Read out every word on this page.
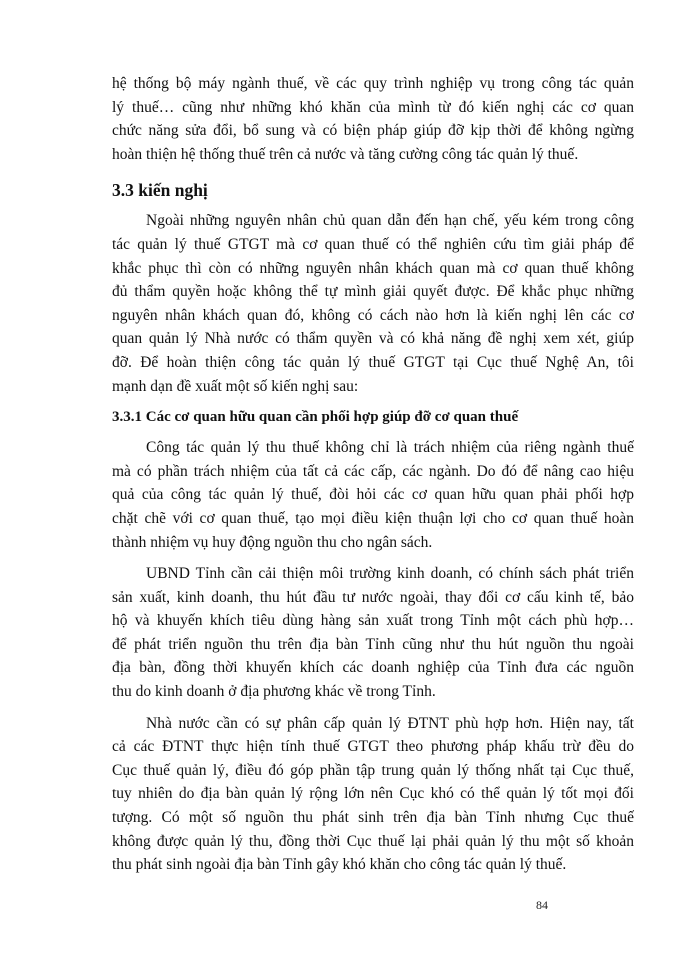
hệ thống bộ máy ngành thuế, về các quy trình nghiệp vụ trong công tác quản
lý thuế… cũng như những khó khăn của mình từ đó kiến nghị các cơ quan
chức năng sửa đổi, bổ sung và có biện pháp giúp đỡ kịp thời để không ngừng
hoàn thiện hệ thống thuế trên cả nước và tăng cường công tác quản lý thuế.
3.3 kiến nghị
Ngoài những nguyên nhân chủ quan dẫn đến hạn chế, yếu kém trong công
tác quản lý thuế GTGT mà cơ quan thuế có thể nghiên cứu tìm giải pháp để
khắc phục thì còn có những nguyên nhân khách quan mà cơ quan thuế không
đủ thẩm quyền hoặc không thể tự mình giải quyết được. Để khắc phục những
nguyên nhân khách quan đó, không có cách nào hơn là kiến nghị lên các cơ
quan quản lý Nhà nước có thẩm quyền và có khả năng đề nghị xem xét, giúp
đỡ. Để hoàn thiện công tác quản lý thuế GTGT tại Cục thuế Nghệ An, tôi
mạnh dạn đề xuất một số kiến nghị sau:
3.3.1 Các cơ quan hữu quan cần phối hợp giúp đỡ cơ quan thuế
Công tác quản lý thu thuế không chỉ là trách nhiệm của riêng ngành thuế
mà có phần trách nhiệm của tất cả các cấp, các ngành. Do đó để nâng cao hiệu
quả của công tác quản lý thuế, đòi hỏi các cơ quan hữu quan phải phối hợp
chặt chẽ với cơ quan thuế, tạo mọi điều kiện thuận lợi cho cơ quan thuế hoàn
thành nhiệm vụ huy động nguồn thu cho ngân sách.
UBND Tỉnh cần cải thiện môi trường kinh doanh, có chính sách phát triển
sản xuất, kinh doanh, thu hút đầu tư nước ngoài, thay đổi cơ cấu kinh tế, bảo
hộ và khuyến khích tiêu dùng hàng sản xuất trong Tỉnh một cách phù hợp…
để phát triển nguồn thu trên địa bàn Tỉnh cũng như thu hút nguồn thu ngoài
địa bàn, đồng thời khuyến khích các doanh nghiệp của Tỉnh đưa các nguồn
thu do kinh doanh ở địa phương khác về trong Tỉnh.
Nhà nước cần có sự phân cấp quản lý ĐTNT phù hợp hơn. Hiện nay, tất
cả các ĐTNT thực hiện tính thuế GTGT theo phương pháp khấu trừ đều do
Cục thuế quản lý, điều đó góp phần tập trung quản lý thống nhất tại Cục thuế,
tuy nhiên do địa bàn quản lý rộng lớn nên Cục khó có thể quản lý tốt mọi đối
tượng. Có một số nguồn thu phát sinh trên địa bàn Tỉnh nhưng Cục thuế
không được quản lý thu, đồng thời Cục thuế lại phải quản lý thu một số khoản
thu phát sinh ngoài địa bàn Tỉnh gây khó khăn cho công tác quản lý thuế.
84
